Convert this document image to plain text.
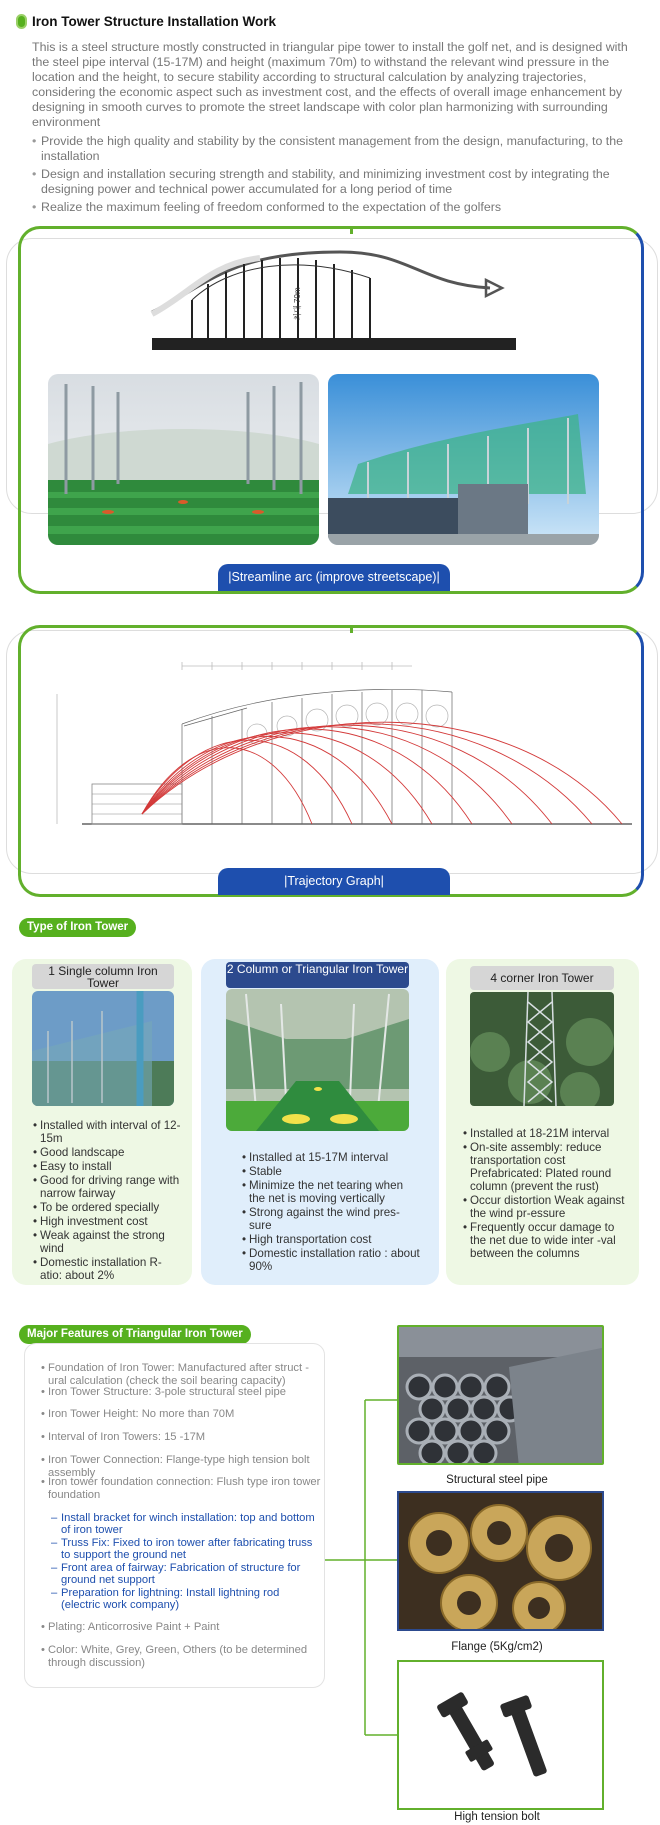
Iron Tower Structure Installation Work

This is a steel structure mostly constructed in triangular pipe tower to install the golf net, and is designed with the steel pipe interval (15-17M) and height (maximum 70m) to withstand the relevant wind pressure in the location and the height, to secure stability according to structural calculation by analyzing trajectories, considering the economic aspect such as investment cost, and the effects of overall image enhancement by designing in smooth curves to promote the street landscape with color plan harmonizing with surrounding environment

• Provide the high quality and stability by the consistent management from the design, manufacturing, to the installation
• Design and installation securing strength and stability, and minimizing investment cost by integrating the designing power and technical power accumulated for a long period of time
• Realize the maximum feeling of freedom conformed to the expectation of the golfers
최대 70m
|Streamline arc (improve streetscape)|
|Trajectory Graph|
Type of Iron Tower
1 Single column Iron Tower
• Installed with interval of 12-15m
• Good landscape
• Easy to install
• Good for driving range with narrow fairway
• To be ordered specially
• High investment cost
• Weak against the strong wind
• Domestic installation R-atio: about 2%
2 Column or Triangular Iron Tower
• Installed at 15-17M interval
• Stable
• Minimize the net tearing when the net is moving vertically
• Strong against the wind pres-sure
• High transportation cost
• Domestic installation ratio : about 90%
4 corner Iron Tower
• Installed at 18-21M interval
• On-site assembly: reduce transportation cost Prefabricated: Plated round column (prevent the rust)
• Occur distortion Weak against the wind pr-essure
• Frequently occur damage to the net due to wide inter -val between the columns
Major Features of Triangular Iron Tower
• Foundation of Iron Tower: Manufactured after struct -ural calculation (check the soil bearing capacity)
• Iron Tower Structure: 3-pole structural steel pipe
• Iron Tower Height: No more than 70M
• Interval of Iron Towers: 15 -17M
• Iron Tower Connection: Flange-type high tension bolt assembly
• Iron tower foundation connection: Flush type iron tower foundation
– Install bracket for winch installation: top and bottom of iron tower
– Truss Fix: Fixed to iron tower after fabricating truss to support the ground net
– Front area of fairway: Fabrication of structure for ground net support
– Preparation for lightning: Install lightning rod (electric work company)
• Plating: Anticorrosive Paint + Paint
• Color: White, Grey, Green, Others (to be determined through discussion)
Structural steel pipe
Flange (5Kg/cm2)
High tension bolt
